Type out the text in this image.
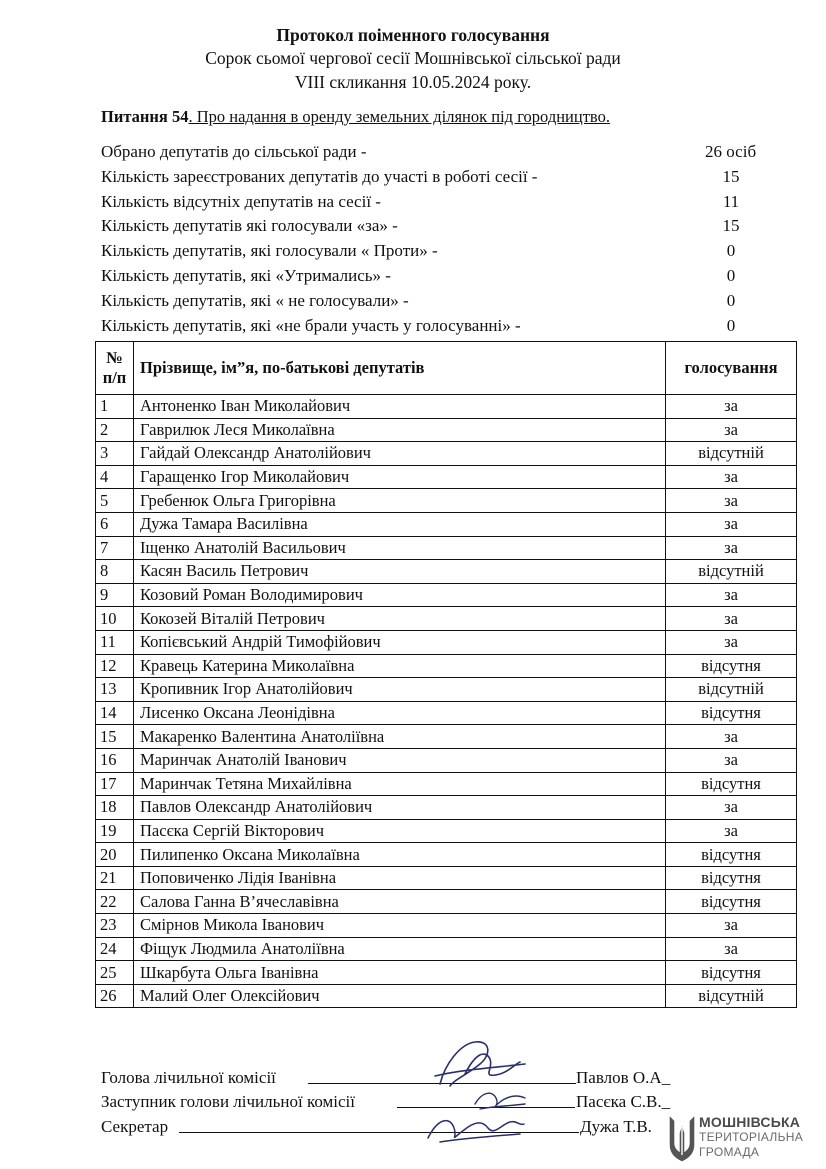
Протокол поіменного голосування
Сорок сьомої чергової сесії Мошнівської сільської ради
VIII скликання 10.05.2024 року.
Питання 54. Про надання в оренду земельних ділянок під городництво.
Обрано депутатів до сільської ради -	26 осіб
Кількість зареєстрованих депутатів до участі в роботі сесії -	15
Кількість відсутніх депутатів на сесії -	11
Кількість депутатів які голосували «за» -	15
Кількість депутатів, які голосували « Проти» -	0
Кількість депутатів, які «Утримались» -	0
Кількість депутатів, які « не голосували» -	0
Кількість депутатів, які «не брали участь у голосуванні» -	0
№
п/п	Прізвище, ім”я, по-батькові депутатів	голосування
1	Антоненко Іван Миколайович	за
2	Гаврилюк Леся Миколаївна	за
3	Гайдай Олександр Анатолійович	відсутній
4	Гаращенко Ігор Миколайович	за
5	Гребенюк Ольга Григорівна	за
6	Дужа Тамара Василівна	за
7	Іщенко Анатолій Васильович	за
8	Касян Василь Петрович	відсутній
9	Козовий Роман Володимирович	за
10	Кокозей Віталій Петрович	за
11	Копієвський Андрій Тимофійович	за
12	Кравець Катерина Миколаївна	відсутня
13	Кропивник Ігор Анатолійович	відсутній
14	Лисенко Оксана Леонідівна	відсутня
15	Макаренко Валентина Анатоліївна	за
16	Маринчак Анатолій Іванович	за
17	Маринчак Тетяна Михайлівна	відсутня
18	Павлов Олександр Анатолійович	за
19	Пасєка Сергій Вікторович	за
20	Пилипенко Оксана Миколаївна	відсутня
21	Поповиченко Лідія Іванівна	відсутня
22	Салова Ганна В’ячеславівна	відсутня
23	Смірнов Микола Іванович	за
24	Фіщук Людмила Анатоліївна	за
25	Шкарбута Ольга Іванівна	відсутня
26	Малий Олег Олексійович	відсутній
Голова лічильної комісії	Павлов О.А_
Заступник голови лічильної комісії	Пасєка С.В._
Секретар	Дужа Т.В.	МОШНІВСЬКА
ТЕРИТОРІАЛЬНА
ГРОМАДА
